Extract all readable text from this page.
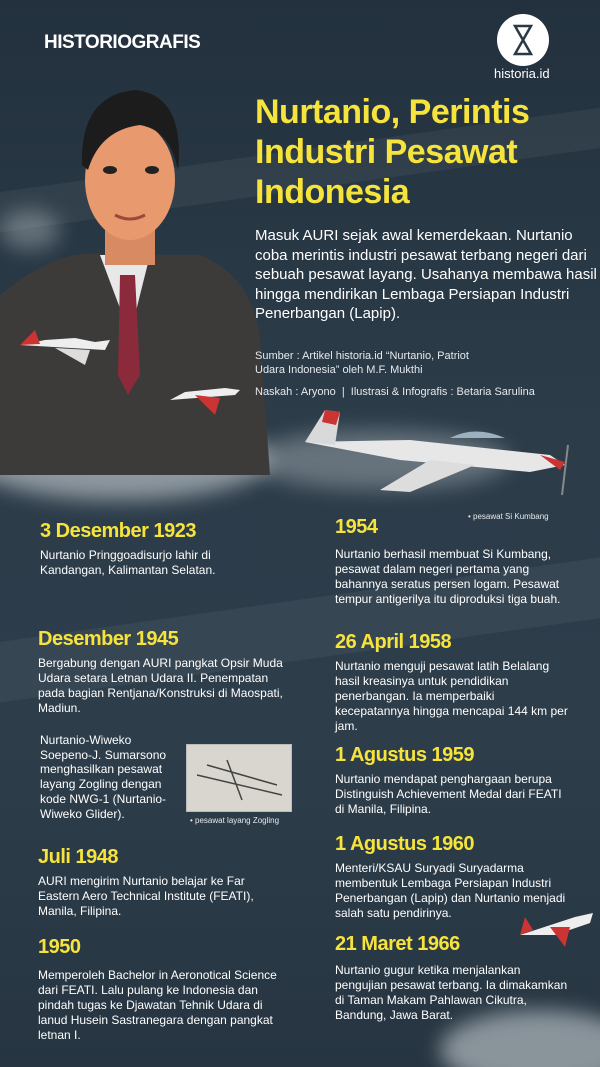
HISTORIOGRAFIS
historia.id
Nurtanio, Perintis
Industri Pesawat
Indonesia
Masuk AURI sejak awal kemerdekaan. Nurtanio coba merintis industri pesawat terbang negeri dari sebuah pesawat layang. Usahanya membawa hasil hingga mendirikan Lembaga Persiapan Industri Penerbangan (Lapip).
Sumber : Artikel historia.id “Nurtanio, Patriot
Udara Indonesia” oleh M.F. Mukthi
Naskah : Aryono  |  Ilustrasi & Infografis : Betaria Sarulina
• pesawat Si Kumbang
3 Desember 1923

Nurtanio Pringgoadisurjo lahir di Kandangan, Kalimantan Selatan.

Desember 1945

Bergabung dengan AURI pangkat Opsir Muda Udara setara Letnan Udara II. Penempatan pada bagian Rentjana/Konstruksi di Maospati, Madiun.

Nurtanio-Wiweko Soepeno-J. Sumarsono menghasilkan pesawat layang Zogling dengan kode NWG-1 (Nurtanio-Wiweko Glider).	• pesawat layang Zogling
Juli 1948

AURI mengirim Nurtanio belajar ke Far Eastern Aero Technical Institute (FEATI), Manila, Filipina.

1950

Memperoleh Bachelor in Aeronotical Science dari FEATI. Lalu pulang ke Indonesia dan pindah tugas ke Djawatan Tehnik Udara di lanud Husein Sastranegara dengan pangkat letnan I.

1954

Nurtanio berhasil membuat Si Kumbang, pesawat dalam negeri pertama yang bahannya seratus persen logam. Pesawat tempur antigerilya itu diproduksi tiga buah.

26 April 1958

Nurtanio menguji pesawat latih Belalang hasil kreasinya untuk pendidikan penerbangan. Ia memperbaiki kecepatannya hingga mencapai 144 km per jam.

1 Agustus 1959

Nurtanio mendapat penghargaan berupa Distinguish Achievement Medal dari FEATI di Manila, Filipina.

1 Agustus 1960

Menteri/KSAU Suryadi Suryadarma membentuk Lembaga Persiapan Industri Penerbangan (Lapip) dan Nurtanio menjadi salah satu pendirinya.

21 Maret 1966

Nurtanio gugur ketika menjalankan pengujian pesawat terbang. Ia dimakamkan di Taman Makam Pahlawan Cikutra, Bandung, Jawa Barat.
